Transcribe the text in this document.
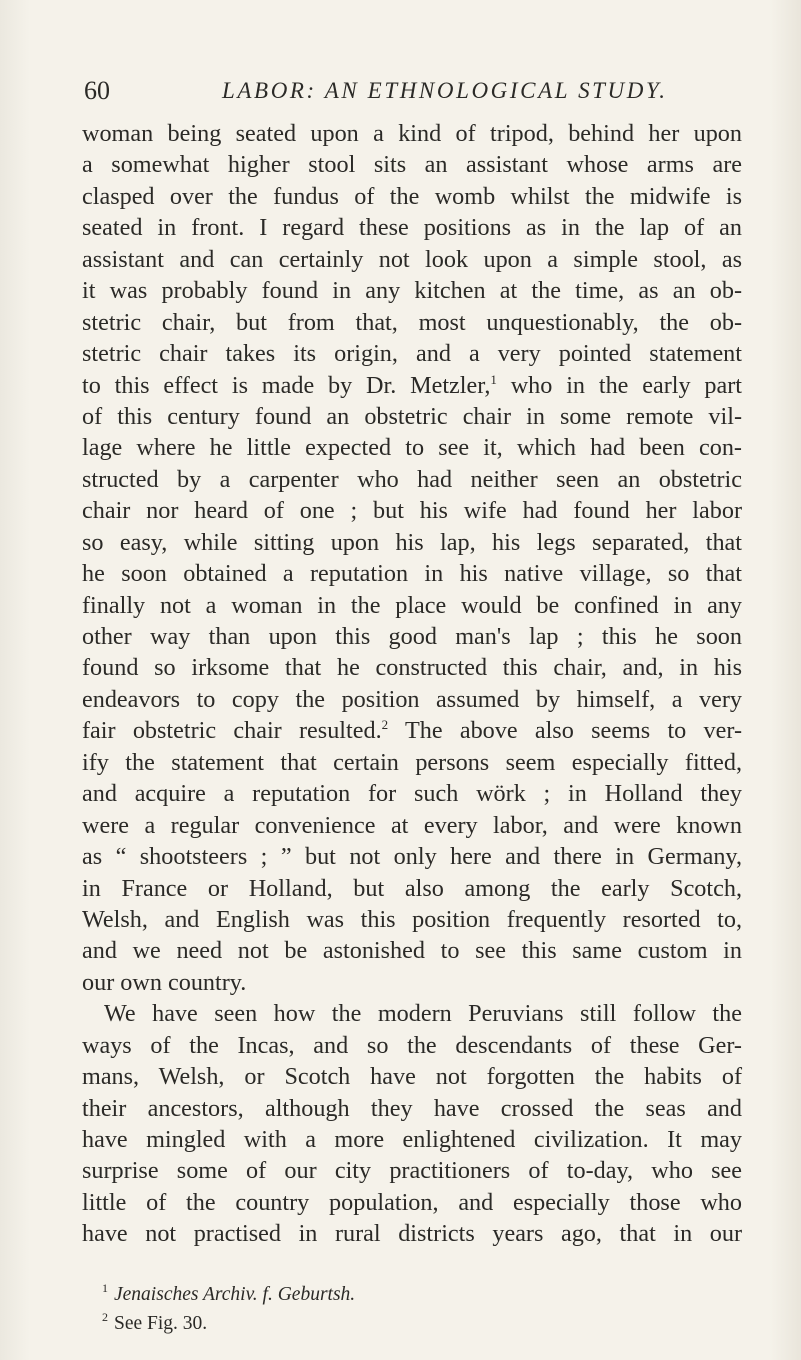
60	LABOR: AN ETHNOLOGICAL STUDY.
woman being seated upon a kind of tripod, behind her upon
a somewhat higher stool sits an assistant whose arms are
clasped over the fundus of the womb whilst the midwife is
seated in front. I regard these positions as in the lap of an
assistant and can certainly not look upon a simple stool, as
it was probably found in any kitchen at the time, as an ob-
stetric chair, but from that, most unquestionably, the ob-
stetric chair takes its origin, and a very pointed statement
to this effect is made by Dr. Metzler,$^1$ who in the early part
of this century found an obstetric chair in some remote vil-
lage where he little expected to see it, which had been con-
structed by a carpenter who had neither seen an obstetric
chair nor heard of one ; but his wife had found her labor
so easy, while sitting upon his lap, his legs separated, that
he soon obtained a reputation in his native village, so that
finally not a woman in the place would be confined in any
other way than upon this good man's lap ; this he soon
found so irksome that he constructed this chair, and, in his
endeavors to copy the position assumed by himself, a very
fair obstetric chair resulted.$^2$ The above also seems to ver-
ify the statement that certain persons seem especially fitted,
and acquire a reputation for such wörk ; in Holland they
were a regular convenience at every labor, and were known
as “ shootsteers ; ” but not only here and there in Germany,
in France or Holland, but also among the early Scotch,
Welsh, and English was this position frequently resorted to,
and we need not be astonished to see this same custom in
our own country.
We have seen how the modern Peruvians still follow the
ways of the Incas, and so the descendants of these Ger-
mans, Welsh, or Scotch have not forgotten the habits of
their ancestors, although they have crossed the seas and
have mingled with a more enlightened civilization. It may
surprise some of our city practitioners of to-day, who see
little of the country population, and especially those who
have not practised in rural districts years ago, that in our
$^1$ Jenaisches Archiv. f. Geburtsh.
$^2$ See Fig. 30.
